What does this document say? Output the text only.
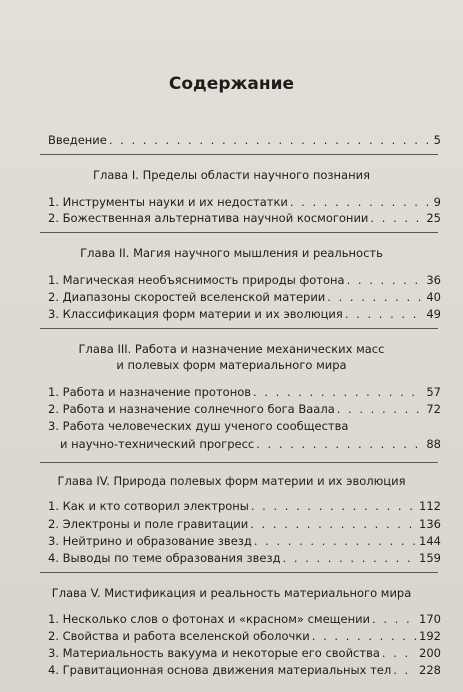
Содержание
Введение . . .	5
Глава I. Пределы области научного познания
1. Инструменты науки и их недостатки . . .	9
2. Божественная альтернатива научной космогонии . . .	25
Глава II. Магия научного мышления и реальность
1. Магическая необъяснимость природы фотона . . .	36
2. Диапазоны скоростей вселенской материи . . .	40
3. Классификация форм материи и их эволюция . . .	49
Глава III. Работа и назначение механических масс
и полевых форм материального мира
1. Работа и назначение протонов . . .	57
2. Работа и назначение солнечного бога Ваала . . .	72
3. Работа человеческих душ ученого сообщества
и научно-технический прогресс . . .	88
Глава IV. Природа полевых форм материи и их эволюция
1. Как и кто сотворил электроны . . .	112
2. Электроны и поле гравитации . . .	136
3. Нейтрино и образование звезд . . .	144
4. Выводы по теме образования звезд . . .	159
Глава V. Мистификация и реальность материального мира
1. Несколько слов о фотонах и «красном» смещении . . .	170
2. Свойства и работа вселенской оболочки . . .	192
3. Материальность вакуума и некоторые его свойства . . .	200
4. Гравитационная основа движения материальных тел . . . 228
